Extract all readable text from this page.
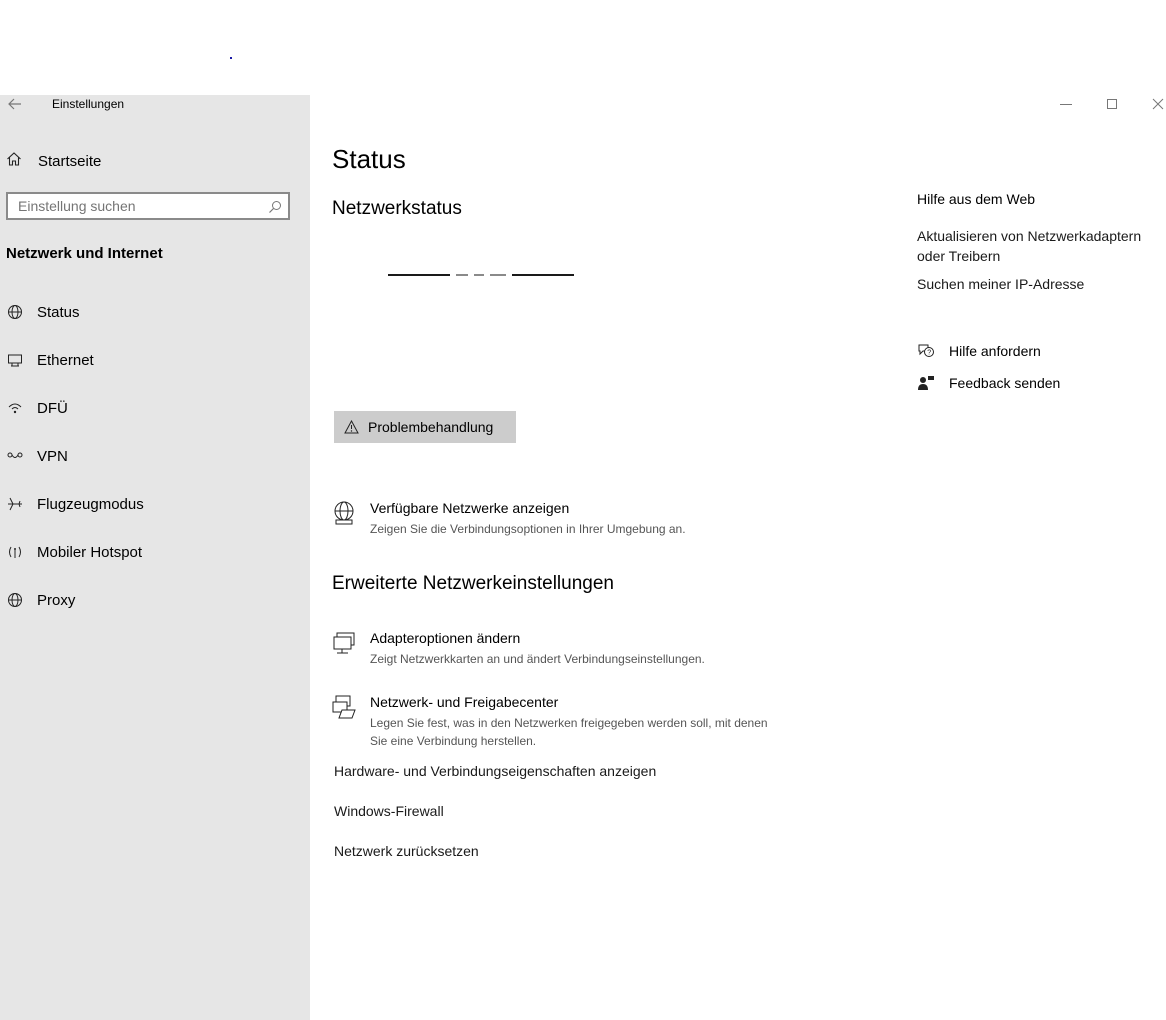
Einstellungen
Startseite
Einstellung suchen
Netzwerk und Internet
Status
Ethernet
DFÜ
VPN
Flugzeugmodus
Mobiler Hotspot
Proxy
Status
Netzwerkstatus
Problembehandlung
Verfügbare Netzwerke anzeigen
Zeigen Sie die Verbindungsoptionen in Ihrer Umgebung an.
Erweiterte Netzwerkeinstellungen
Adapteroptionen ändern
Zeigt Netzwerkkarten an und ändert Verbindungseinstellungen.
Netzwerk- und Freigabecenter
Legen Sie fest, was in den Netzwerken freigegeben werden soll, mit denen Sie eine Verbindung herstellen.
Hardware- und Verbindungseigenschaften anzeigen
Windows-Firewall
Netzwerk zurücksetzen
Hilfe aus dem Web
Aktualisieren von Netzwerkadaptern oder Treibern
Suchen meiner IP-Adresse
? Hilfe anfordern
Feedback senden
